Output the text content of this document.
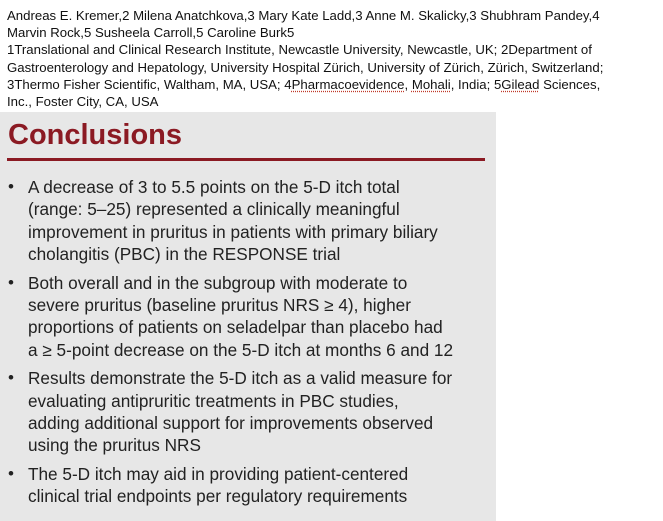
Andreas E. Kremer,2 Milena Anatchkova,3 Mary Kate Ladd,3 Anne M. Skalicky,3 Shubhram Pandey,4

Marvin Rock,5 Susheela Carroll,5 Caroline Burk5

1Translational and Clinical Research Institute, Newcastle University, Newcastle, UK; 2Department of

Gastroenterology and Hepatology, University Hospital Zürich, University of Zürich, Zürich, Switzerland;

3Thermo Fisher Scientific, Waltham, MA, USA; 4Pharmacoevidence, Mohali, India; 5Gilead Sciences,

Inc., Foster City, CA, USA

Conclusions
• A decrease of 3 to 5.5 points on the 5-D itch total
(range: 5–25) represented a clinically meaningful
improvement in pruritus in patients with primary biliary
cholangitis (PBC) in the RESPONSE trial
• Both overall and in the subgroup with moderate to
severe pruritus (baseline pruritus NRS ≥ 4), higher
proportions of patients on seladelpar than placebo had
a ≥ 5-point decrease on the 5-D itch at months 6 and 12
• Results demonstrate the 5-D itch as a valid measure for
evaluating antipruritic treatments in PBC studies,
adding additional support for improvements observed
using the pruritus NRS
• The 5-D itch may aid in providing patient-centered
clinical trial endpoints per regulatory requirements
